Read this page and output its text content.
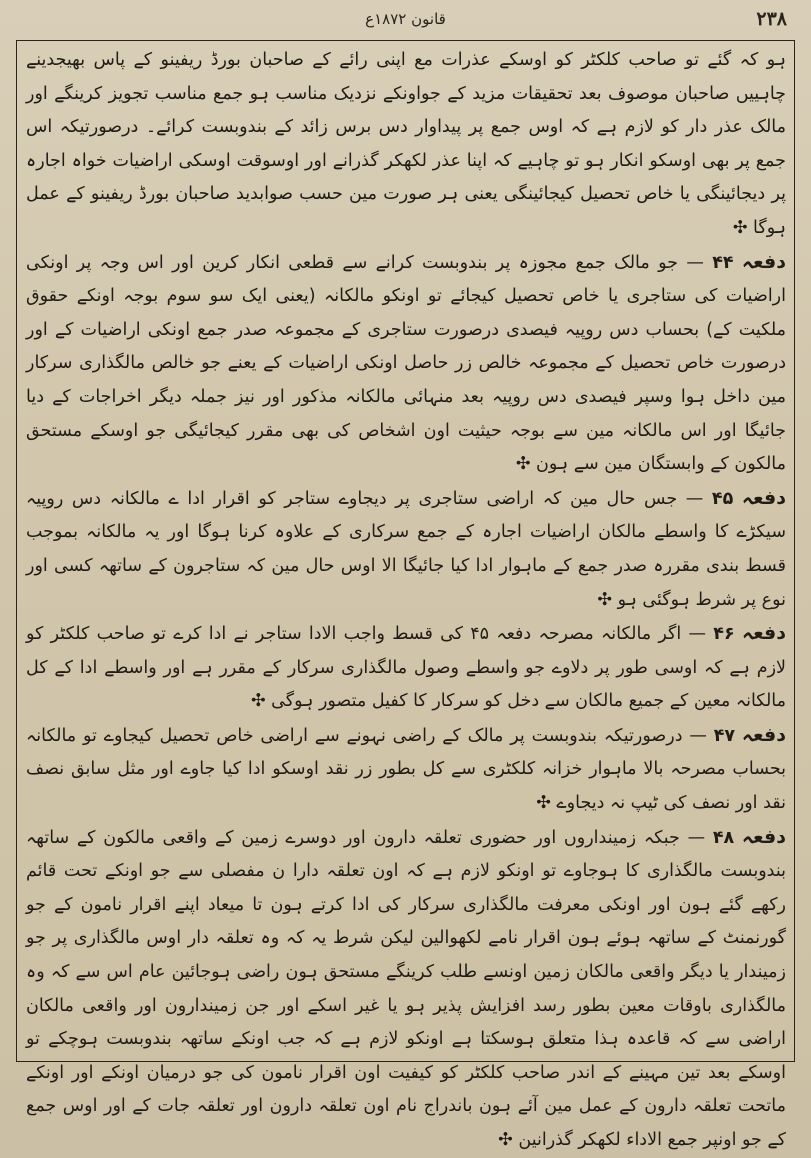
قانون ۱۸۷۲ع	۲۳۸

ہو کہ گئے تو صاحب کلکٹر کو اوسکے عذرات مع اپنی رائے کے صاحبان بورڈ ریفینو کے پاس بھیجدینے چاہییں صاحبان موصوف بعد تحقیقات مزید کے جواونکے نزدیک مناسب ہو جمع مناسب تجویز کرینگے اور مالک عذر دار کو لازم ہے کہ اوس جمع پر پیداوار دس برس زائد کے بندوبست کرائے۔ درصورتیکہ اس جمع پر بھی اوسکو انکار ہو تو چاہیے کہ اپنا عذر لکھکر گذرانے اور اوسوقت اوسکی اراضیات خواہ اجارہ پر دیجائینگی یا خاص تحصیل کیجائینگی یعنی ہر صورت مین حسب صوابدید صاحبان بورڈ ریفینو کے عمل ہوگا ✣

دفعہ ۴۴ — جو مالک جمع مجوزہ پر بندوبست کرانے سے قطعی انکار کرین اور اس وجہ پر اونکی اراضیات کی ستاجری یا خاص تحصیل کیجائے تو اونکو مالکانہ (یعنی ایک سو سوم بوجہ اونکے حقوق ملکیت کے) بحساب دس روپیہ فیصدی درصورت ستاجری کے مجموعہ صدر جمع اونکی اراضیات کے اور درصورت خاص تحصیل کے مجموعہ خالص زر حاصل اونکی اراضیات کے یعنے جو خالص مالگذاری سرکار مین داخل ہوا وسپر فیصدی دس روپیہ بعد منہائی مالکانہ مذکور اور نیز جملہ دیگر اخراجات کے دیا جائیگا اور اس مالکانہ مین سے بوجہ حیثیت اون اشخاص کی بھی مقرر کیجائیگی جو اوسکے مستحق مالکون کے وابستگان مین سے ہون ✣

دفعہ ۴۵ — جس حال مین کہ اراضی ستاجری پر دیجاوے ستاجر کو اقرار ادا ے مالکانہ دس روپیہ سیکڑے کا واسطے مالکان اراضیات اجارہ کے جمع سرکاری کے علاوہ کرنا ہوگا اور یہ مالکانہ بموجب قسط بندی مقررہ صدر جمع کے ماہوار ادا کیا جائیگا الا اوس حال مین کہ ستاجرون کے ساتھہ کسی اور نوع پر شرط ہوگئی ہو ✣

دفعہ ۴۶ — اگر مالکانہ مصرحہ دفعہ ۴۵ کی قسط واجب الادا ستاجر نے ادا کرے تو صاحب کلکٹر کو لازم ہے کہ اوسی طور پر دلاوے جو واسطے وصول مالگذاری سرکار کے مقرر ہے اور واسطے ادا کے کل مالکانہ معین کے جمیع مالکان سے دخل کو سرکار کا کفیل متصور ہوگی ✣

دفعہ ۴۷ — درصورتیکہ بندوبست پر مالک کے راضی نہونے سے اراضی خاص تحصیل کیجاوے تو مالکانہ بحساب مصرحہ بالا ماہوار خزانہ کلکٹری سے کل بطور زر نقد اوسکو ادا کیا جاوے اور مثل سابق نصف نقد اور نصف کی ٹیپ نہ دیجاوے ✣

دفعہ ۴۸ — جبکہ زمینداروں اور حضوری تعلقہ دارون اور دوسرے زمین کے واقعی مالکون کے ساتھہ بندوبست مالگذاری کا ہوجاوے تو اونکو لازم ہے کہ اون تعلقہ دارا ن مفصلی سے جو اونکے تحت قائم رکھے گئے ہون اور اونکی معرفت مالگذاری سرکار کی ادا کرتے ہون تا میعاد اپنے اقرار نامون کے جو گورنمنٹ کے ساتھہ ہوئے ہون اقرار نامے لکھوالین لیکن شرط یہ کہ وہ تعلقہ دار اوس مالگذاری پر جو زمیندار یا دیگر واقعی مالکان زمین اونسے طلب کرینگے مستحق ہون راضی ہوجائین عام اس سے کہ وہ مالگذاری باوقات معین بطور رسد افزایش پذیر ہو یا غیر اسکے اور جن زمیندارون اور واقعی مالکان اراضی سے کہ قاعدہ ہذا متعلق ہوسکتا ہے اونکو لازم ہے کہ جب اونکے ساتھہ بندوبست ہوچکے تو اوسکے بعد تین مہینے کے اندر صاحب کلکٹر کو کیفیت اون اقرار نامون کی جو درمیان اونکے اور اونکے ماتحت تعلقہ دارون کے عمل مین آئے ہون باندراج نام اون تعلقہ دارون اور تعلقہ جات کے اور اوس جمع کے جو اونپر جمع الاداء لکھکر گذرانین ✣
